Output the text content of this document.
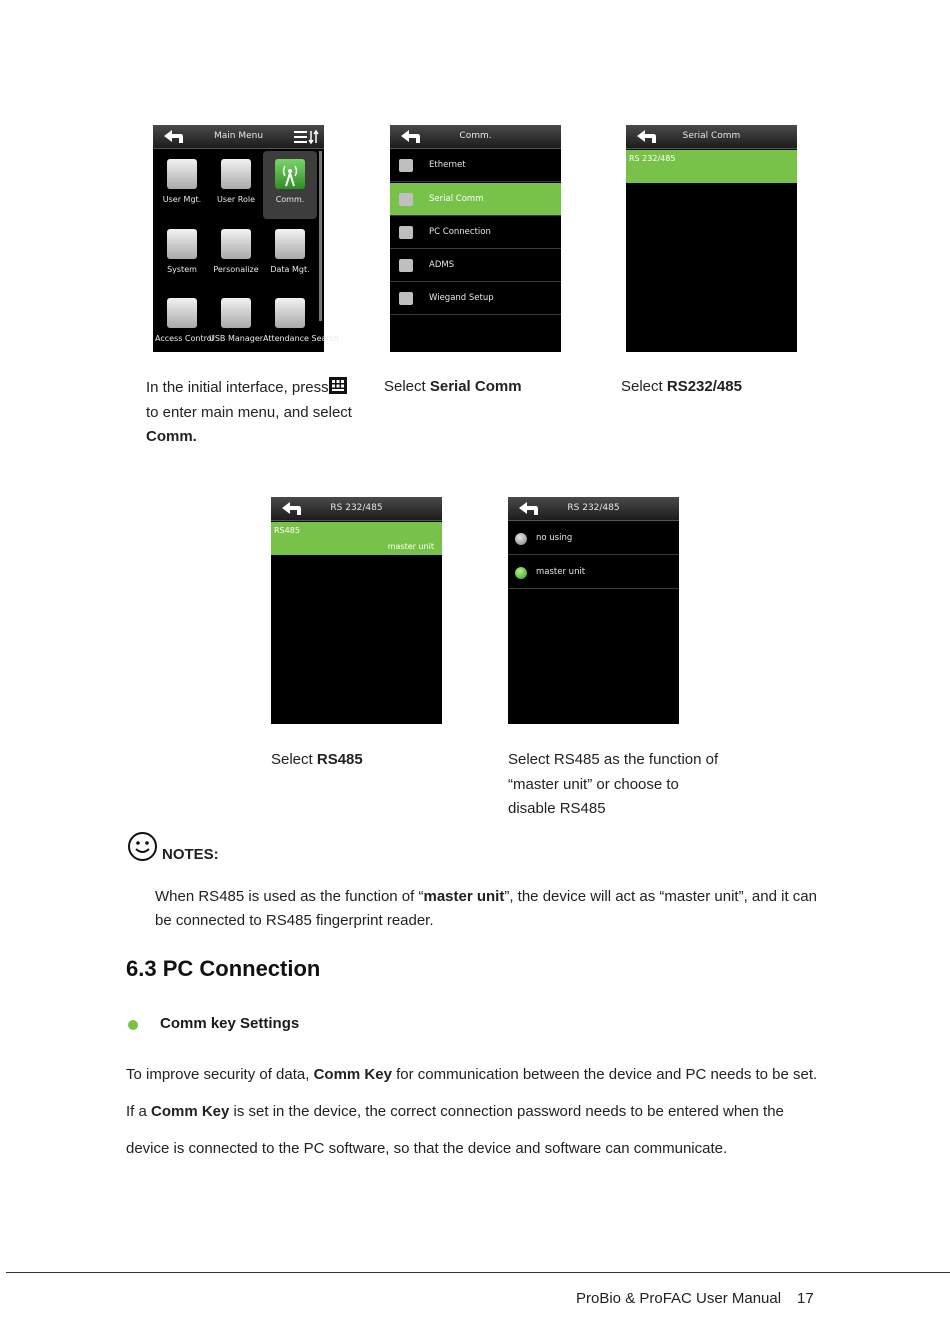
Main Menu
User Mgt.	User Role	Comm.
System	Personalize	Data Mgt.
Access Control
USB Manager Attendance Search
Comm.
Ethernet
Serial Comm
PC Connection
ADMS
Wiegand Setup
Serial Comm
RS 232/485
In the initial interface, press
to enter main menu, and select
Comm.
Select Serial Comm	Select RS232/485
RS 232/485
RS485
master unit
RS 232/485
no using
master unit
Select RS485	Select RS485 as the function of
“master unit” or choose to
disable RS485
NOTES:
When RS485 is used as the function of “master unit”, the device will act as “master unit”, and it can
be connected to RS485 fingerprint reader.
6.3 PC Connection
Comm key Settings
To improve security of data, Comm Key for communication between the device and PC needs to be set.
If a Comm Key is set in the device, the correct connection password needs to be entered when the
device is connected to the PC software, so that the device and software can communicate.
ProBio & ProFAC User Manual 17
